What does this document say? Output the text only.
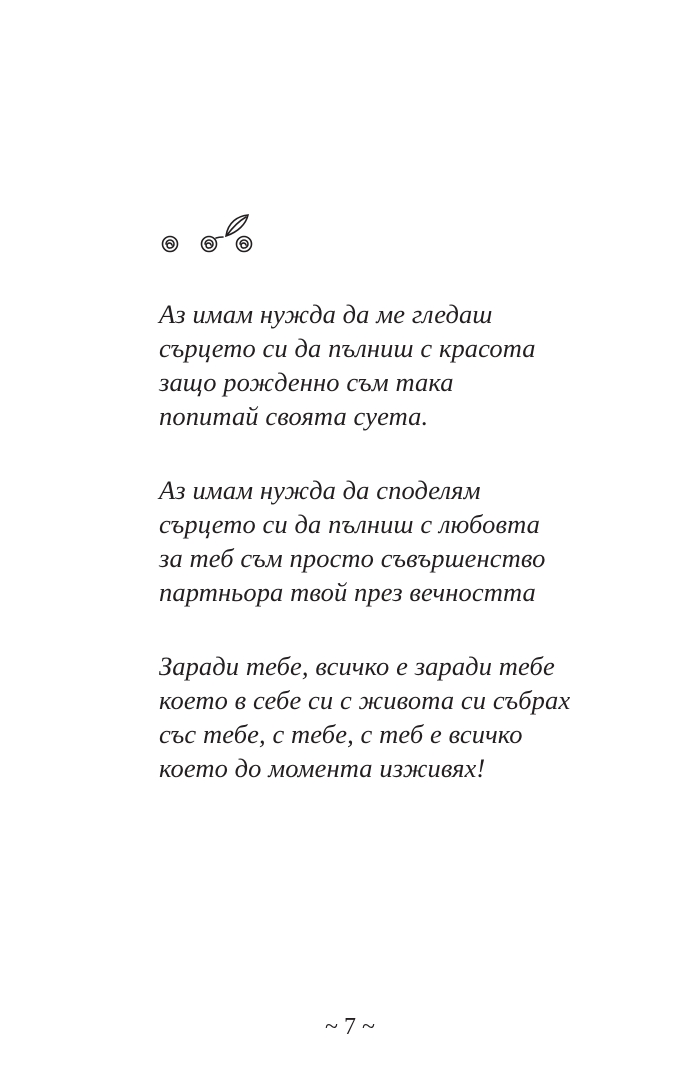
Аз имам нужда да ме гледаш
сърцето си да пълниш с красота
защо рожденно съм така
попитай своята суета.
Аз имам нужда да споделям
сърцето си да пълниш с любовта
за теб съм просто съвършенство
партньора твой през вечността
Заради тебе, всичко е заради тебе
което в себе си с живота си събрах
със тебе, с тебе, с теб е всичко
което до момента изживях!
~ 7 ~
